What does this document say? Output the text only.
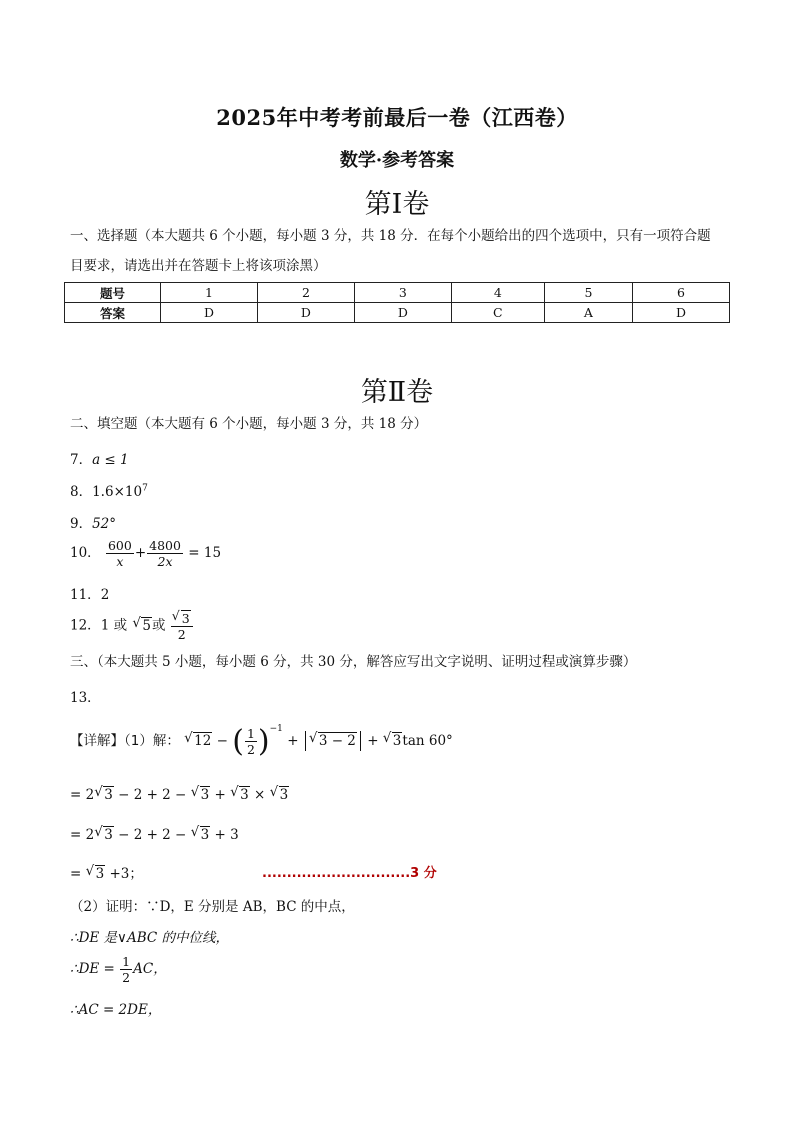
2025年中考考前最后一卷（江西卷）
数学·参考答案
第Ⅰ卷
一、选择题（本大题共 6 个小题，每小题 3 分，共 18 分．在每个小题给出的四个选项中，只有一项符合题
目要求，请选出并在答题卡上将该项涂黑）
题号	1	2	3	4	5	6
答案	D	D	D	C	A	D
第Ⅱ卷
二、填空题（本大题有 6 个小题，每小题 3 分，共 18 分）
7．a ≤ 1
8．$1.6\times 10^7$
9．52°
10． $\frac{600}{x} + \frac{4800}{2x} = 15$
11．2
12．1 或 √ 5或 √ $\frac{3}{2}$
三、（本大题共 5 小题，每小题 6 分，共 30 分，解答应写出文字说明、证明过程或演算步骤）
13．
【详解】（1）解： √ 12 − ( $\frac{1}{2} )^{-1}$ + √ 3 − 2 + √ 3tan 60°
= 2 √ 3 − 2 + 2 − √ 3 + √ 3 × √ 3
= 2 √ 3 − 2 + 2 − √ 3 + 3
= √ 3 +3；	..............................3 分
（2）证明：∵D，E 分别是 AB，BC 的中点，
∴DE 是∨ABC 的中位线，
∴DE = $\frac{1}{2}$ AC，
∴AC = 2DE，
